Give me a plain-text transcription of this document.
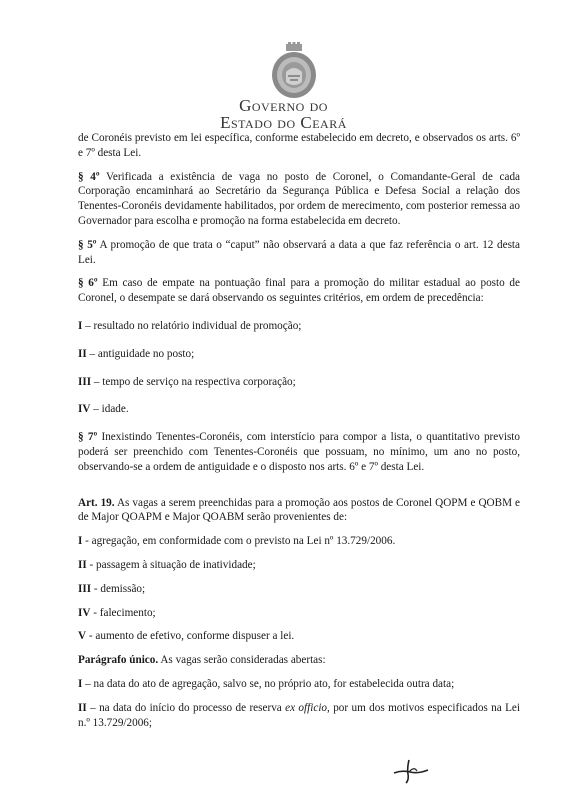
Governo do
Estado do Ceará

de Coronéis previsto em lei específica, conforme estabelecido em decreto, e observados os arts. 6º e 7º desta Lei.

§ 4º Verificada a existência de vaga no posto de Coronel, o Comandante-Geral de cada Corporação encaminhará ao Secretário da Segurança Pública e Defesa Social a relação dos Tenentes-Coronéis devidamente habilitados, por ordem de merecimento, com posterior remessa ao Governador para escolha e promoção na forma estabelecida em decreto.

§ 5º A promoção de que trata o “caput” não observará a data a que faz referência o art. 12 desta Lei.

§ 6º Em caso de empate na pontuação final para a promoção do militar estadual ao posto de Coronel, o desempate se dará observando os seguintes critérios, em ordem de precedência:

I – resultado no relatório individual de promoção;

II – antiguidade no posto;

III – tempo de serviço na respectiva corporação;

IV – idade.

§ 7º Inexistindo Tenentes-Coronéis, com interstício para compor a lista, o quantitativo previsto poderá ser preenchido com Tenentes-Coronéis que possuam, no mínimo, um ano no posto, observando-se a ordem de antiguidade e o disposto nos arts. 6º e 7º desta Lei.

Art. 19. As vagas a serem preenchidas para a promoção aos postos de Coronel QOPM e QOBM e de Major QOAPM e Major QOABM serão provenientes de:

I - agregação, em conformidade com o previsto na Lei nº 13.729/2006.

II - passagem à situação de inatividade;

III - demissão;

IV - falecimento;

V - aumento de efetivo, conforme dispuser a lei.

Parágrafo único. As vagas serão consideradas abertas:

I – na data do ato de agregação, salvo se, no próprio ato, for estabelecida outra data;

II – na data do início do processo de reserva ex officio, por um dos motivos especificados na Lei n.º 13.729/2006;
